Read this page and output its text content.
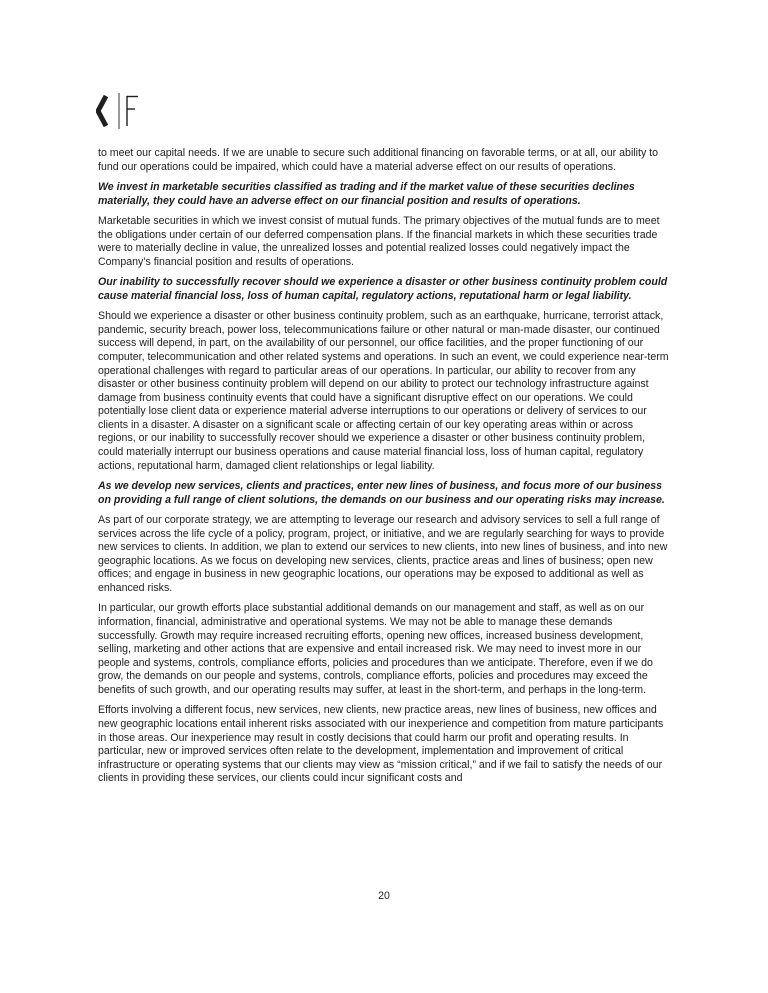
to meet our capital needs. If we are unable to secure such additional financing on favorable terms, or at all, our ability to fund our operations could be impaired, which could have a material adverse effect on our results of operations.

We invest in marketable securities classified as trading and if the market value of these securities declines materially, they could have an adverse effect on our financial position and results of operations.

Marketable securities in which we invest consist of mutual funds. The primary objectives of the mutual funds are to meet the obligations under certain of our deferred compensation plans. If the financial markets in which these securities trade were to materially decline in value, the unrealized losses and potential realized losses could negatively impact the Company’s financial position and results of operations.

Our inability to successfully recover should we experience a disaster or other business continuity problem could cause material financial loss, loss of human capital, regulatory actions, reputational harm or legal liability.

Should we experience a disaster or other business continuity problem, such as an earthquake, hurricane, terrorist attack, pandemic, security breach, power loss, telecommunications failure or other natural or man-made disaster, our continued success will depend, in part, on the availability of our personnel, our office facilities, and the proper functioning of our computer, telecommunication and other related systems and operations. In such an event, we could experience near-term operational challenges with regard to particular areas of our operations. In particular, our ability to recover from any disaster or other business continuity problem will depend on our ability to protect our technology infrastructure against damage from business continuity events that could have a significant disruptive effect on our operations. We could potentially lose client data or experience material adverse interruptions to our operations or delivery of services to our clients in a disaster. A disaster on a significant scale or affecting certain of our key operating areas within or across regions, or our inability to successfully recover should we experience a disaster or other business continuity problem, could materially interrupt our business operations and cause material financial loss, loss of human capital, regulatory actions, reputational harm, damaged client relationships or legal liability.

As we develop new services, clients and practices, enter new lines of business, and focus more of our business on providing a full range of client solutions, the demands on our business and our operating risks may increase.

As part of our corporate strategy, we are attempting to leverage our research and advisory services to sell a full range of services across the life cycle of a policy, program, project, or initiative, and we are regularly searching for ways to provide new services to clients. In addition, we plan to extend our services to new clients, into new lines of business, and into new geographic locations. As we focus on developing new services, clients, practice areas and lines of business; open new offices; and engage in business in new geographic locations, our operations may be exposed to additional as well as enhanced risks.

In particular, our growth efforts place substantial additional demands on our management and staff, as well as on our information, financial, administrative and operational systems. We may not be able to manage these demands successfully. Growth may require increased recruiting efforts, opening new offices, increased business development, selling, marketing and other actions that are expensive and entail increased risk. We may need to invest more in our people and systems, controls, compliance efforts, policies and procedures than we anticipate. Therefore, even if we do grow, the demands on our people and systems, controls, compliance efforts, policies and procedures may exceed the benefits of such growth, and our operating results may suffer, at least in the short-term, and perhaps in the long-term.

Efforts involving a different focus, new services, new clients, new practice areas, new lines of business, new offices and new geographic locations entail inherent risks associated with our inexperience and competition from mature participants in those areas. Our inexperience may result in costly decisions that could harm our profit and operating results. In particular, new or improved services often relate to the development, implementation and improvement of critical infrastructure or operating systems that our clients may view as “mission critical,” and if we fail to satisfy the needs of our clients in providing these services, our clients could incur significant costs and

20
